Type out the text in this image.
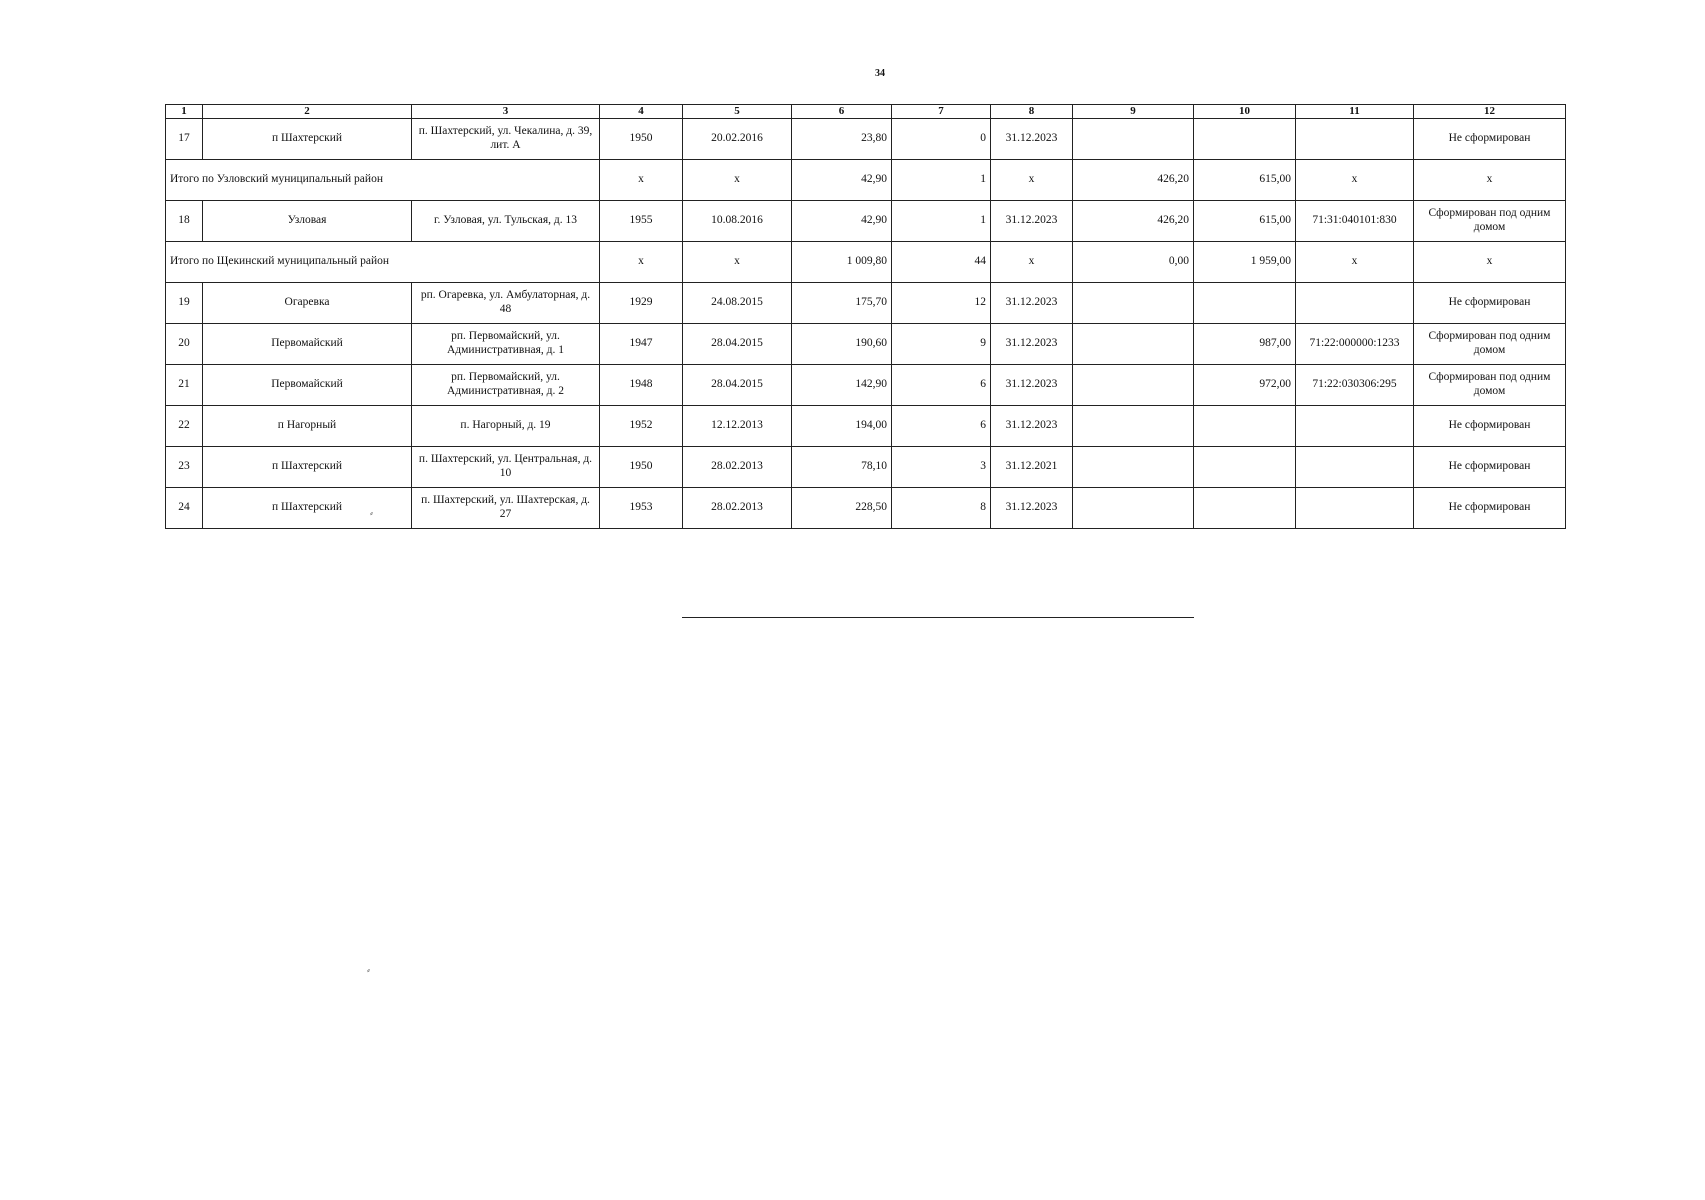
34
1	2	3	4	5	6	7	8	9	10	11	12
17	п Шахтерский	п. Шахтерский, ул. Чекалина, д. 39, лит. А	1950	20.02.2016	23,80	0	31.12.2023				Не сформирован
Итого по Узловский муниципальный район			х	х	42,90	1	х	426,20	615,00	х	х
18	Узловая	г. Узловая, ул. Тульская, д. 13	1955	10.08.2016	42,90	1	31.12.2023	426,20	615,00	71:31:040101:830	Сформирован под одним домом
Итого по Щекинский муниципальный район			х	х	1 009,80	44	х	0,00	1 959,00	х	х
19	Огаревка	рп. Огаревка, ул. Амбулаторная, д. 48	1929	24.08.2015	175,70	12	31.12.2023				Не сформирован
20	Первомайский	рп. Первомайский, ул. Административная, д. 1	1947	28.04.2015	190,60	9	31.12.2023		987,00	71:22:000000:1233	Сформирован под одним домом
21	Первомайский	рп. Первомайский, ул. Административная, д. 2	1948	28.04.2015	142,90	6	31.12.2023		972,00	71:22:030306:295	Сформирован под одним домом
22	п Нагорный	п. Нагорный, д. 19	1952	12.12.2013	194,00	6	31.12.2023				Не сформирован
23	п Шахтерский	п. Шахтерский, ул. Центральная, д. 10	1950	28.02.2013	78,10	3	31.12.2021				Не сформирован
24	п Шахтерский	п. Шахтерский, ул. Шахтерская, д. 27	1953	28.02.2013	228,50	8	31.12.2023				Не сформирован
⸗
⸗
